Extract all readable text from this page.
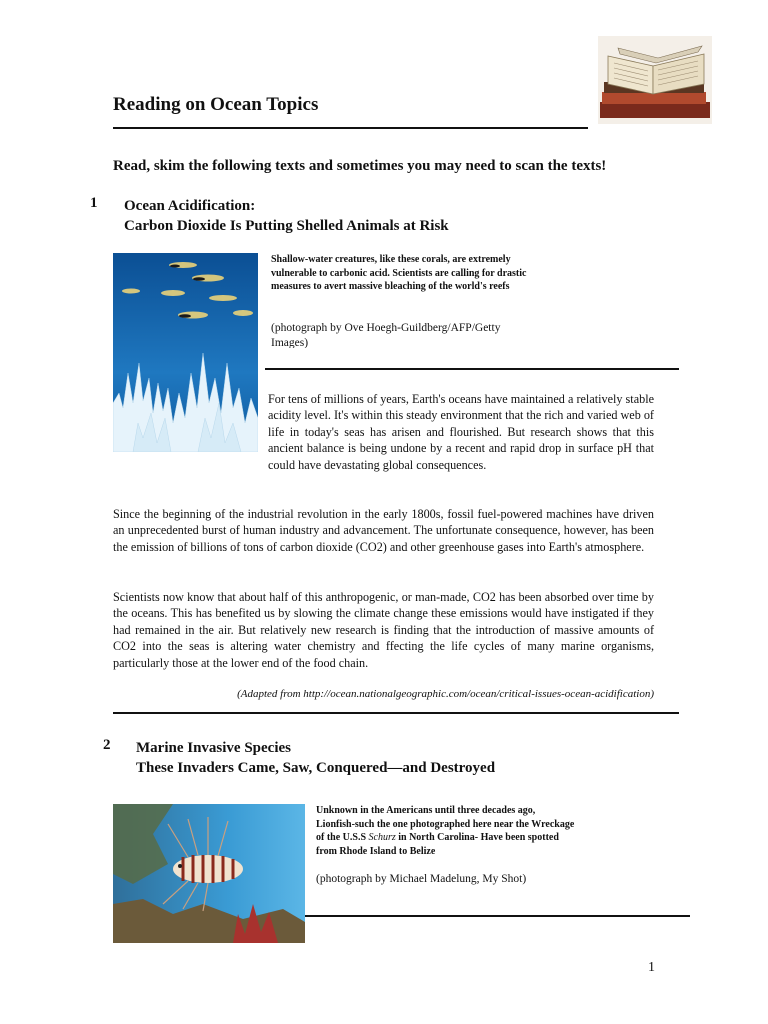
Reading on Ocean Topics
Read, skim the following texts and sometimes you may need to scan the texts!
1 Ocean Acidification:
Carbon Dioxide Is Putting Shelled Animals at Risk
Shallow-water creatures, like these corals, are extremely vulnerable to carbonic acid. Scientists are calling for drastic measures to avert massive bleaching of the world's reefs
(photograph by Ove Hoegh-Guildberg/AFP/Getty Images)
For tens of millions of years, Earth's oceans have maintained a relatively stable acidity level. It's within this steady environment that the rich and varied web of life in today's seas has arisen and flourished. But research shows that this ancient balance is being undone by a recent and rapid drop in surface pH that could have devastating global consequences.
Since the beginning of the industrial revolution in the early 1800s, fossil fuel-powered machines have driven an unprecedented burst of human industry and advancement. The unfortunate consequence, however, has been the emission of billions of tons of carbon dioxide (CO2) and other greenhouse gases into Earth's atmosphere.
Scientists now know that about half of this anthropogenic, or man-made, CO2 has been absorbed over time by the oceans. This has benefited us by slowing the climate change these emissions would have instigated if they had remained in the air. But relatively new research is finding that the introduction of massive amounts of CO2 into the seas is altering water chemistry and ffecting the life cycles of many marine organisms, particularly those at the lower end of the food chain.
(Adapted from http://ocean.nationalgeographic.com/ocean/critical-issues-ocean-acidification)
2 Marine Invasive Species
These Invaders Came, Saw, Conquered—and Destroyed
Unknown in the Americans until three decades ago, Lionfish-such the one photographed here near the Wreckage of the U.S.S Schurz in North Carolina- Have been spotted from Rhode Island to Belize
(photograph by Michael Madelung, My Shot)
1
